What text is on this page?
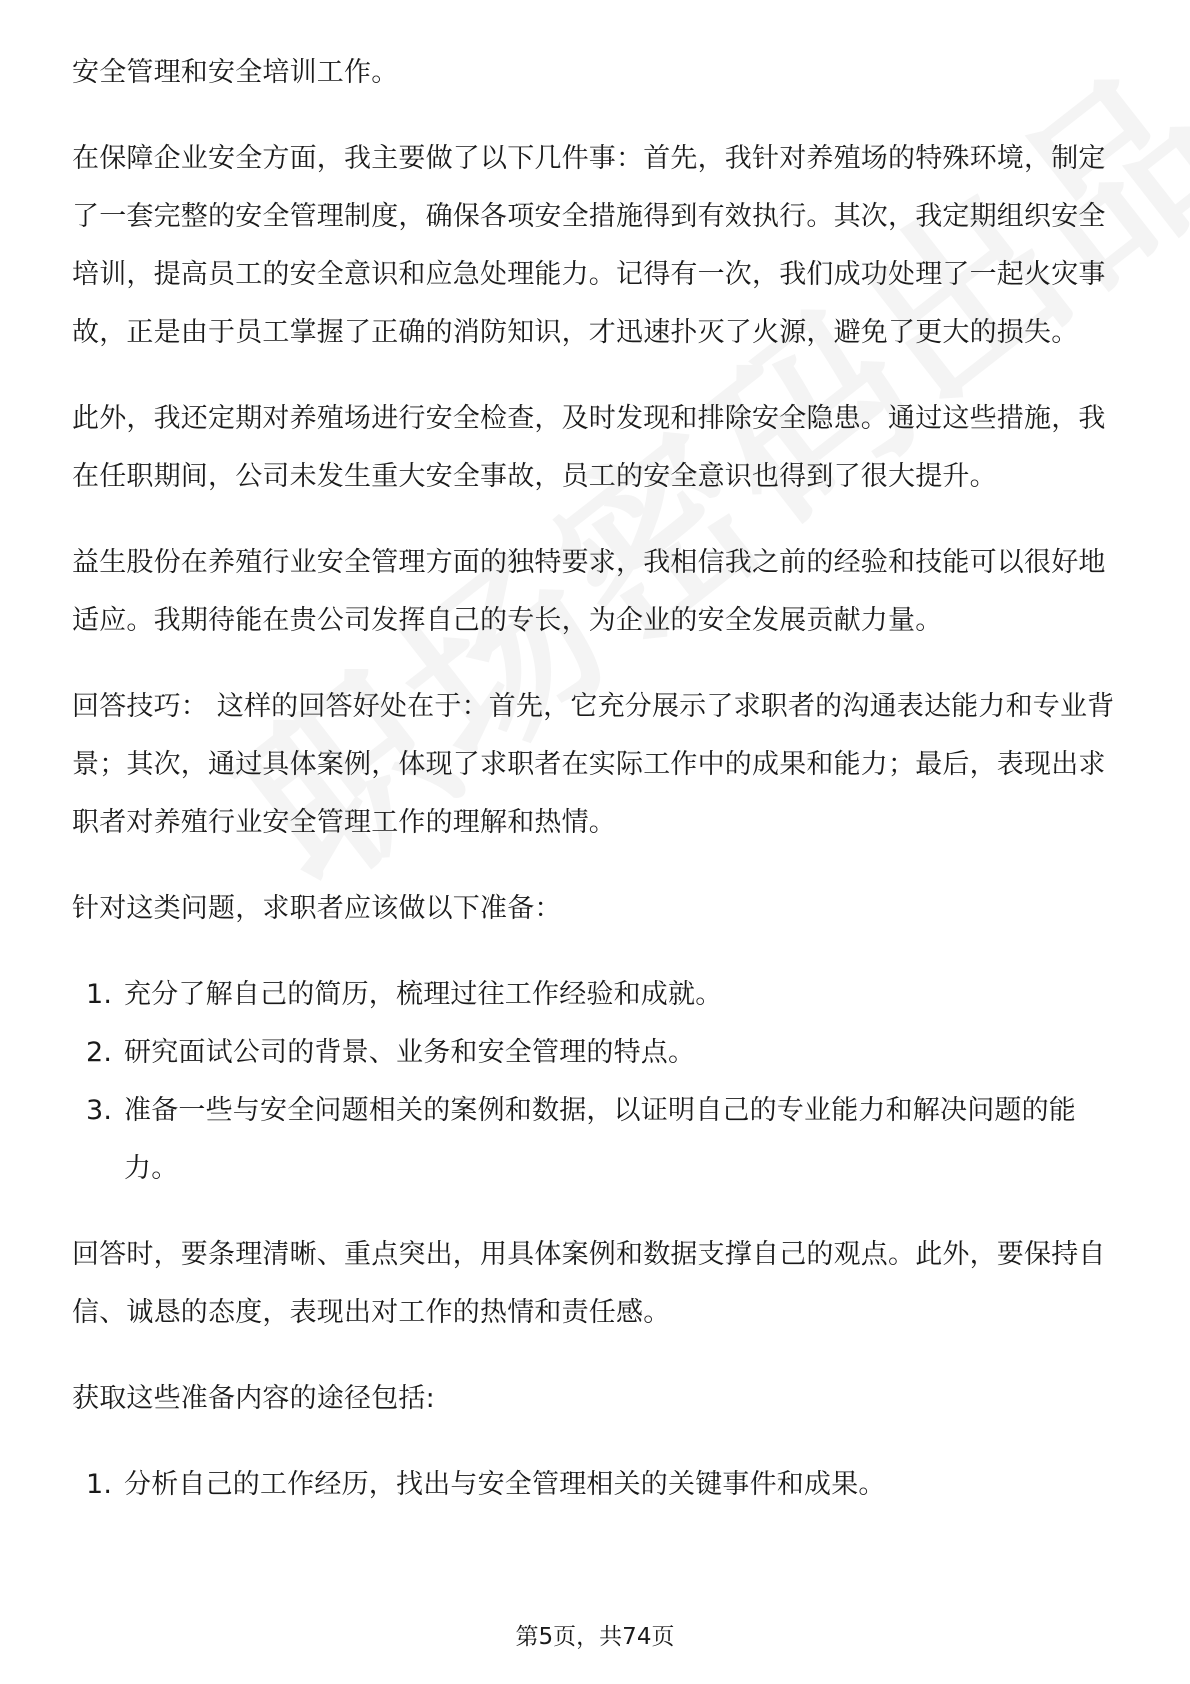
安全管理和安全培训工作。

在保障企业安全方面，我主要做了以下几件事：首先，我针对养殖场的特殊环境，制定了一套完整的安全管理制度，确保各项安全措施得到有效执行。其次，我定期组织安全培训，提高员工的安全意识和应急处理能力。记得有一次，我们成功处理了一起火灾事故，正是由于员工掌握了正确的消防知识，才迅速扑灭了火源，避免了更大的损失。

此外，我还定期对养殖场进行安全检查，及时发现和排除安全隐患。通过这些措施，我在任职期间，公司未发生重大安全事故，员工的安全意识也得到了很大提升。

益生股份在养殖行业安全管理方面的独特要求，我相信我之前的经验和技能可以很好地适应。我期待能在贵公司发挥自己的专长，为企业的安全发展贡献力量。

回答技巧： 这样的回答好处在于：首先，它充分展示了求职者的沟通表达能力和专业背景；其次，通过具体案例，体现了求职者在实际工作中的成果和能力；最后，表现出求职者对养殖行业安全管理工作的理解和热情。

针对这类问题，求职者应该做以下准备：

1. 充分了解自己的简历，梳理过往工作经验和成就。
2. 研究面试公司的背景、业务和安全管理的特点。
3. 准备一些与安全问题相关的案例和数据，以证明自己的专业能力和解决问题的能力。

回答时，要条理清晰、重点突出，用具体案例和数据支撑自己的观点。此外，要保持自信、诚恳的态度，表现出对工作的热情和责任感。

获取这些准备内容的途径包括:

1. 分析自己的工作经历，找出与安全管理相关的关键事件和成果。
第5页，共74页
